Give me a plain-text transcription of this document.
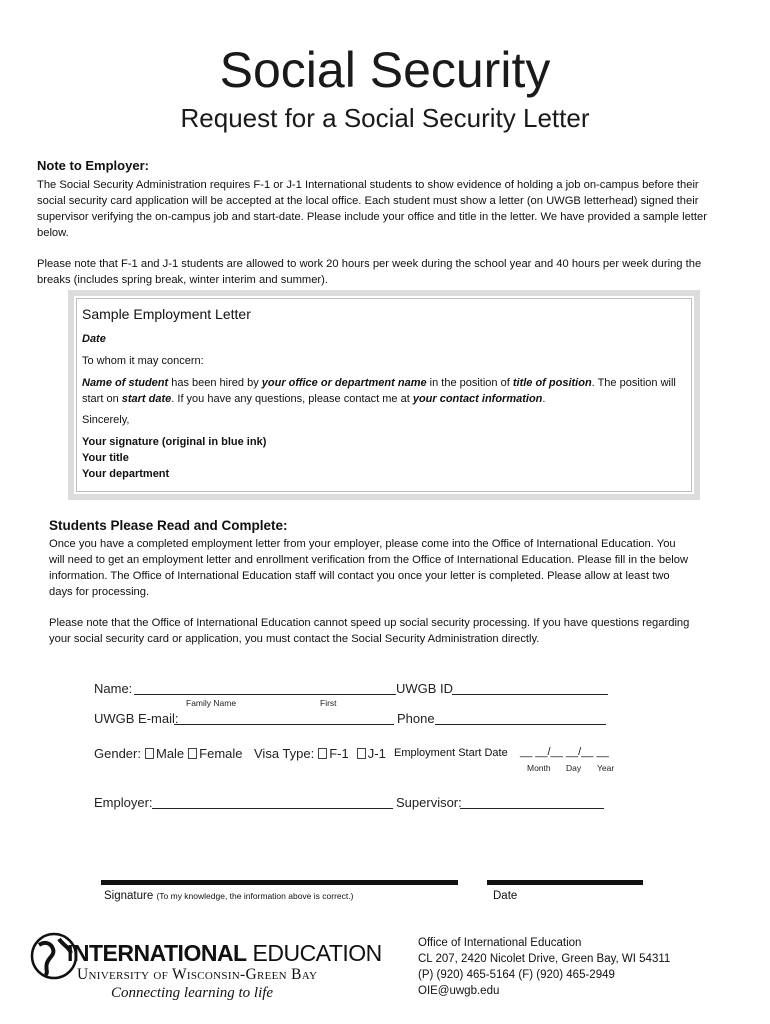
Social Security
Request for a Social Security Letter
Note to Employer:
The Social Security Administration requires F-1 or J-1 International students to show evidence of holding a job on-campus before their
social security card application will be accepted at the local office. Each student must show a letter (on UWGB letterhead) signed their
supervisor verifying the on-campus job and start-date. Please include your office and title in the letter. We have provided a sample letter
below.
Please note that F-1 and J-1 students are allowed to work 20 hours per week during the school year and 40 hours per week during the
breaks (includes spring break, winter interim and summer).
Sample Employment Letter
Date
To whom it may concern:
Name of student has been hired by your office or department name in the position of title of position. The position will
start on start date. If you have any questions, please contact me at your contact information.
Sincerely,
Your signature (original in blue ink)
Your title
Your department
Students Please Read and Complete:
Once you have a completed employment letter from your employer, please come into the Office of International Education. You
will need to get an employment letter and enrollment verification from the Office of International Education. Please fill in the below
information. The Office of International Education staff will contact you once your letter is completed. Please allow at least two
days for processing.
Please note that the Office of International Education cannot speed up social security processing. If you have questions regarding
your social security card or application, you must contact the Social Security Administration directly.
Name:	UWGB ID
Family Name	First
UWGB E-mail:	Phone
Gender: Male Female Visa Type: F-1 J-1 Employment Start Date __ __/__ __/__ __
Month Day Year
Employer:	Supervisor:
Signature (To my knowledge, the information above is correct.)	Date
INTERNATIONAL EDUCATION
University of Wisconsin-Green Bay
Connecting learning to life
Office of International Education
CL 207, 2420 Nicolet Drive, Green Bay, WI 54311
(P) (920) 465-5164 (F) (920) 465-2949
OIE@uwgb.edu
